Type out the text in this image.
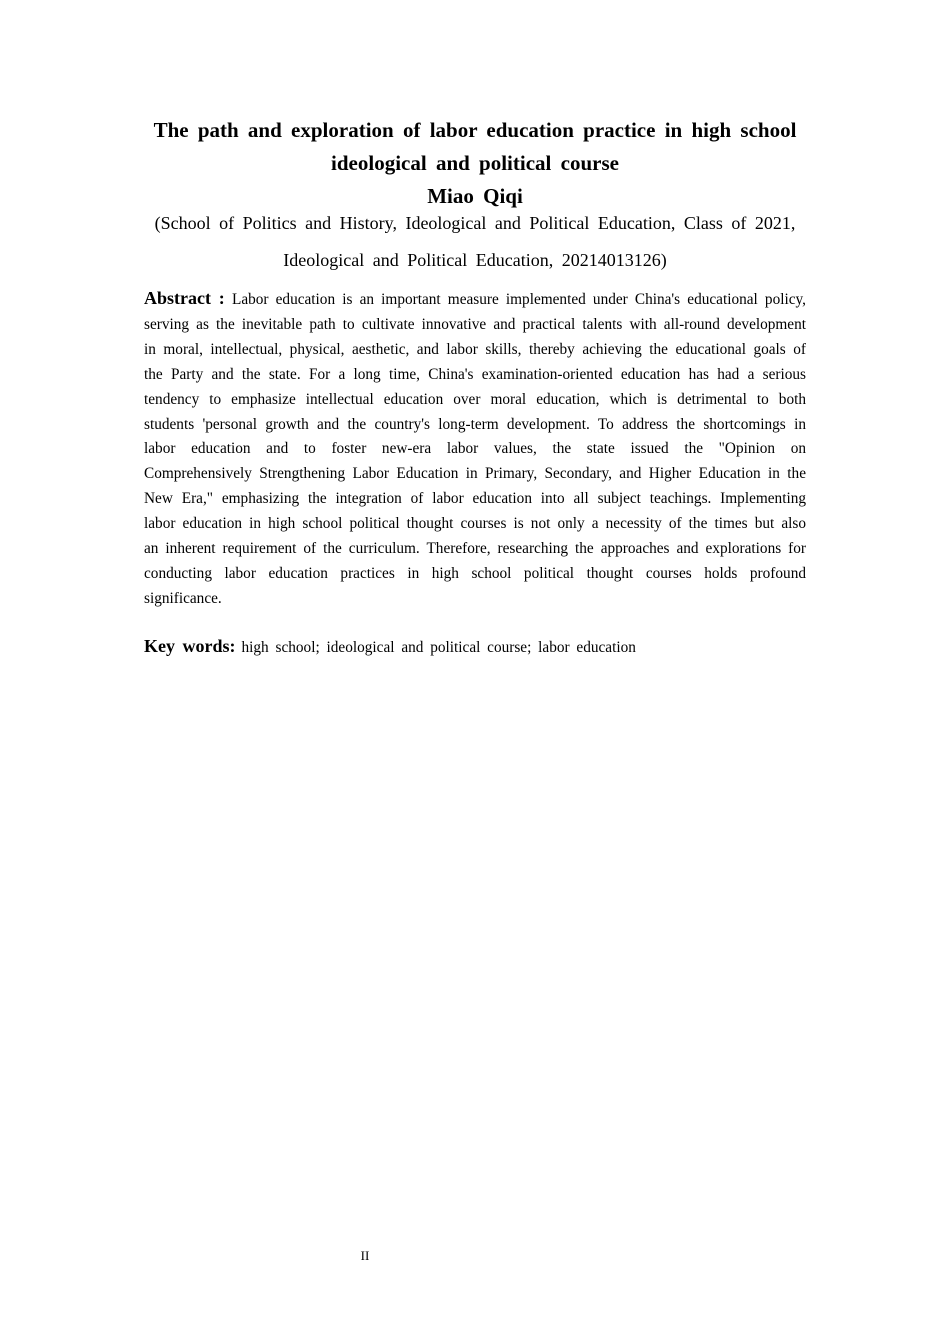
The path and exploration of labor education practice in high school ideological and political course

Miao Qiqi

(School of Politics and History, Ideological and Political Education, Class of 2021, Ideological and Political Education, 20214013126)

Abstract : Labor education is an important measure implemented under China's educational policy, serving as the inevitable path to cultivate innovative and practical talents with all-round development in moral, intellectual, physical, aesthetic, and labor skills, thereby achieving the educational goals of the Party and the state. For a long time, China's examination-oriented education has had a serious tendency to emphasize intellectual education over moral education, which is detrimental to both students 'personal growth and the country's long-term development. To address the shortcomings in labor education and to foster new-era labor values, the state issued the "Opinion on Comprehensively Strengthening Labor Education in Primary, Secondary, and Higher Education in the New Era," emphasizing the integration of labor education into all subject teachings. Implementing labor education in high school political thought courses is not only a necessity of the times but also an inherent requirement of the curriculum. Therefore, researching the approaches and explorations for conducting labor education practices in high school political thought courses holds profound significance.

Key words: high school; ideological and political course; labor education

II
